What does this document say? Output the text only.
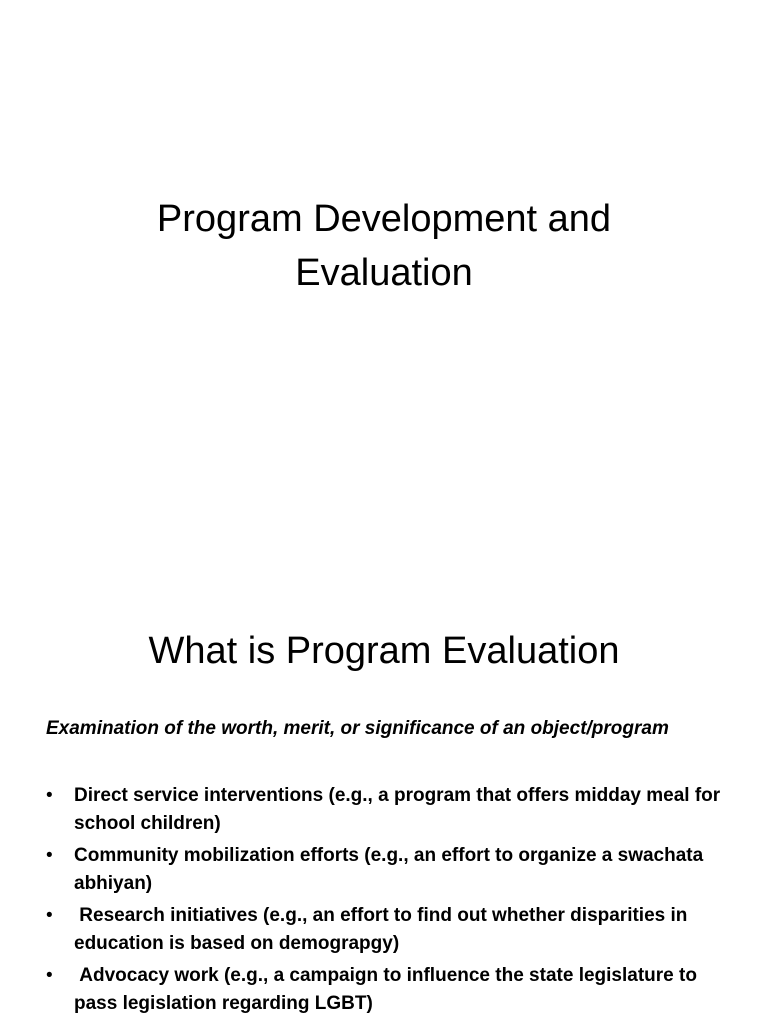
Program Development and
Evaluation
What is Program Evaluation

Examination of the worth, merit, or significance of an object/program

• Direct service interventions (e.g., a program that offers midday meal for school children)
• Community mobilization efforts (e.g., an effort to organize a swachata abhiyan)
• Research initiatives (e.g., an effort to find out whether disparities in education is based on demograpgy)
• Advocacy work (e.g., a campaign to influence the state legislature to pass legislation regarding LGBT)
